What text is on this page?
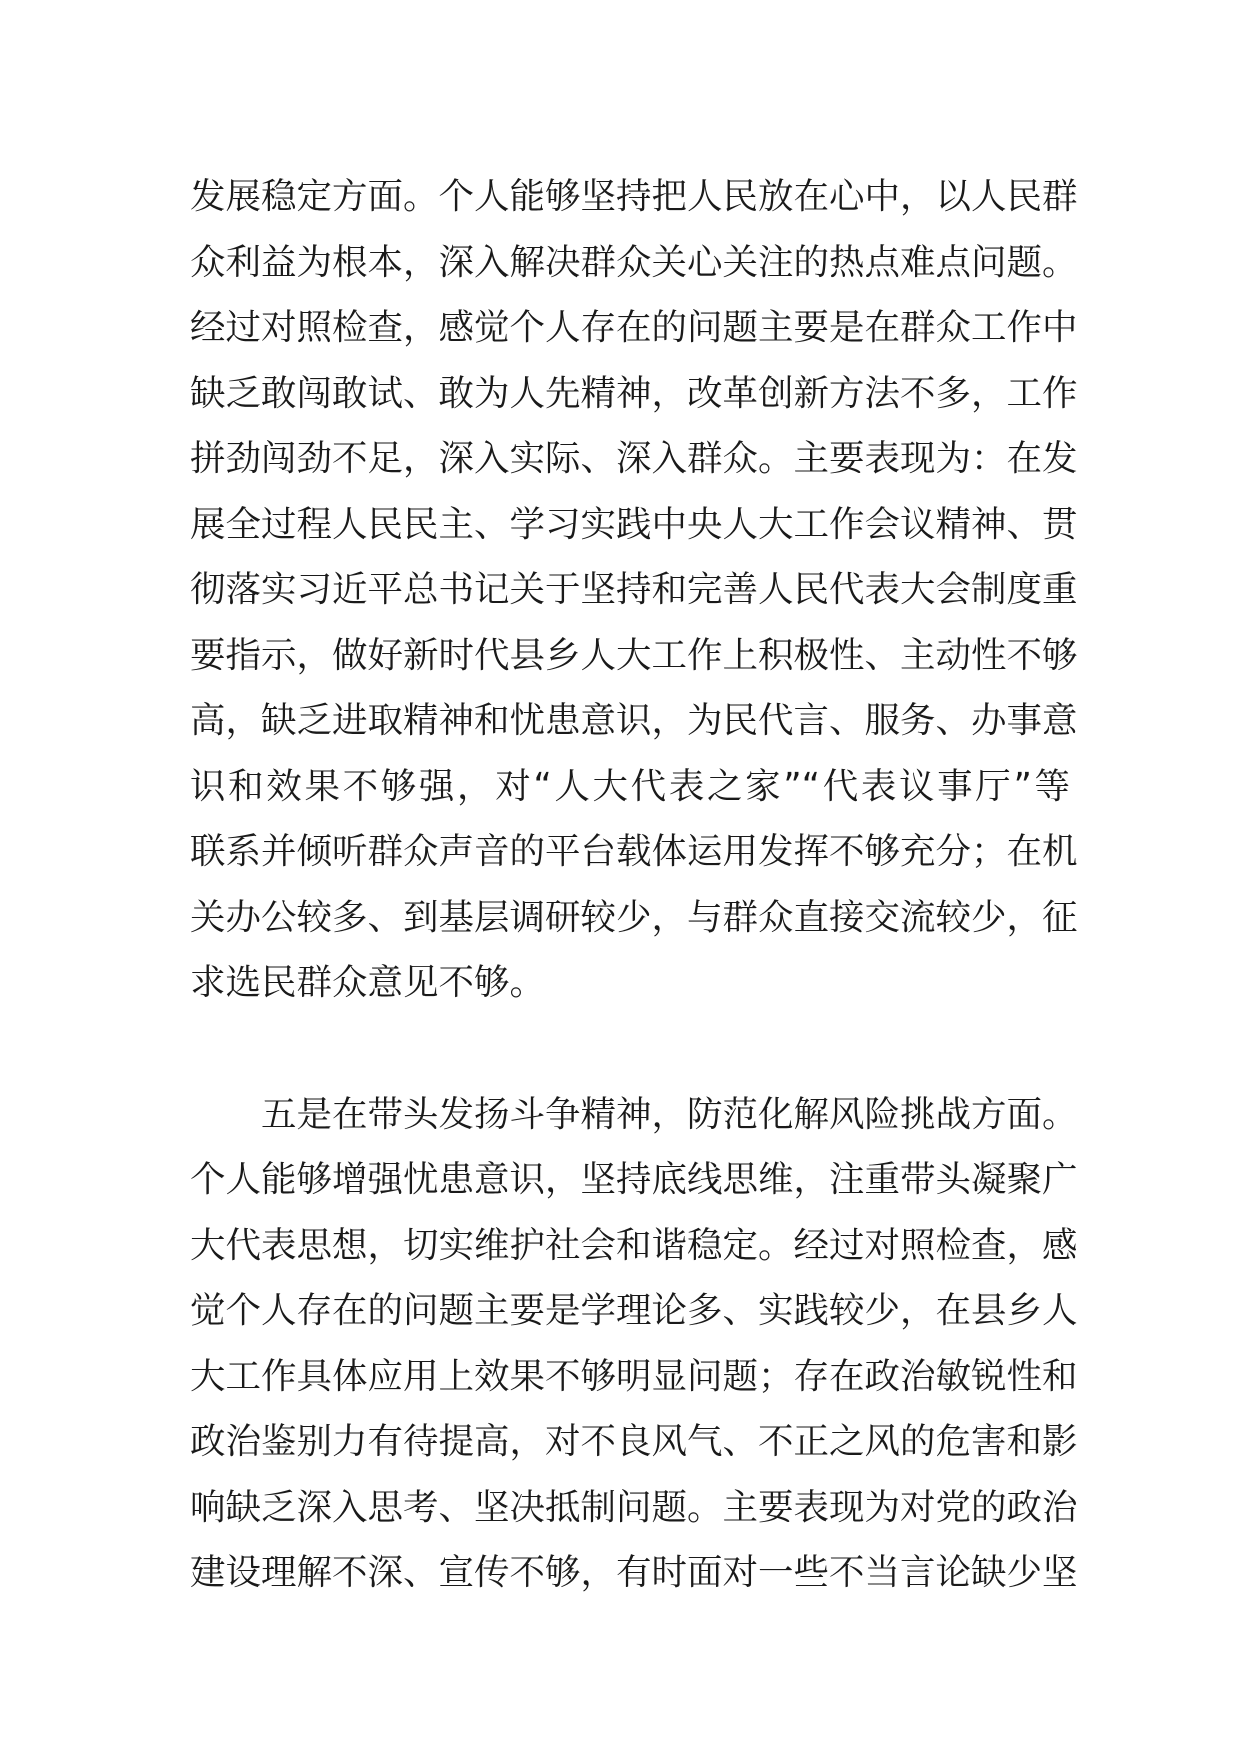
发展稳定方面。个人能够坚持把人民放在心中，以人民群
众利益为根本，深入解决群众关心关注的热点难点问题。
经过对照检查，感觉个人存在的问题主要是在群众工作中
缺乏敢闯敢试、敢为人先精神，改革创新方法不多，工作
拼劲闯劲不足，深入实际、深入群众。主要表现为：在发
展全过程人民民主、学习实践中央人大工作会议精神、贯
彻落实习近平总书记关于坚持和完善人民代表大会制度重
要指示，做好新时代县乡人大工作上积极性、主动性不够
高，缺乏进取精神和忧患意识，为民代言、服务、办事意
识和效果不够强，对“人大代表之家”“代表议事厅”等
联系并倾听群众声音的平台载体运用发挥不够充分；在机
关办公较多、到基层调研较少，与群众直接交流较少，征
求选民群众意见不够。
五是在带头发扬斗争精神，防范化解风险挑战方面。
个人能够增强忧患意识，坚持底线思维，注重带头凝聚广
大代表思想，切实维护社会和谐稳定。经过对照检查，感
觉个人存在的问题主要是学理论多、实践较少，在县乡人
大工作具体应用上效果不够明显问题；存在政治敏锐性和
政治鉴别力有待提高，对不良风气、不正之风的危害和影
响缺乏深入思考、坚决抵制问题。主要表现为对党的政治
建设理解不深、宣传不够，有时面对一些不当言论缺少坚
